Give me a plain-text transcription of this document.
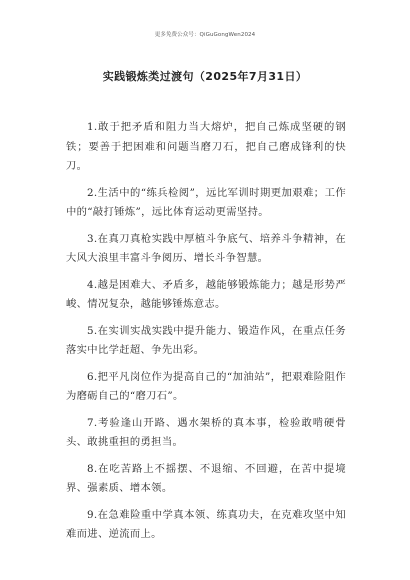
更多免费公众号：QiGuGongWen2024
实践锻炼类过渡句（2025年7月31日）

1.敢于把矛盾和阻力当大熔炉，把自己炼成坚硬的钢铁；要善于把困难和问题当磨刀石，把自己磨成锋利的快刀。

2.生活中的“练兵检阅”，远比军训时期更加艰难；工作中的“敲打锤炼”，远比体育运动更需坚持。

3.在真刀真枪实践中厚植斗争底气、培养斗争精神，在大风大浪里丰富斗争阅历、增长斗争智慧。

4.越是困难大、矛盾多，越能够锻炼能力；越是形势严峻、情况复杂，越能够锤炼意志。

5.在实训实战实践中提升能力、锻造作风，在重点任务落实中比学赶超、争先出彩。

6.把平凡岗位作为提高自己的“加油站”，把艰难险阻作为磨砺自己的“磨刀石”。

7.考验逢山开路、遇水架桥的真本事，检验敢啃硬骨头、敢挑重担的勇担当。

8.在吃苦路上不摇摆、不退缩、不回避，在苦中提境界、强素质、增本领。

9.在急难险重中学真本领、练真功夫，在克难攻坚中知难而进、逆流而上。
